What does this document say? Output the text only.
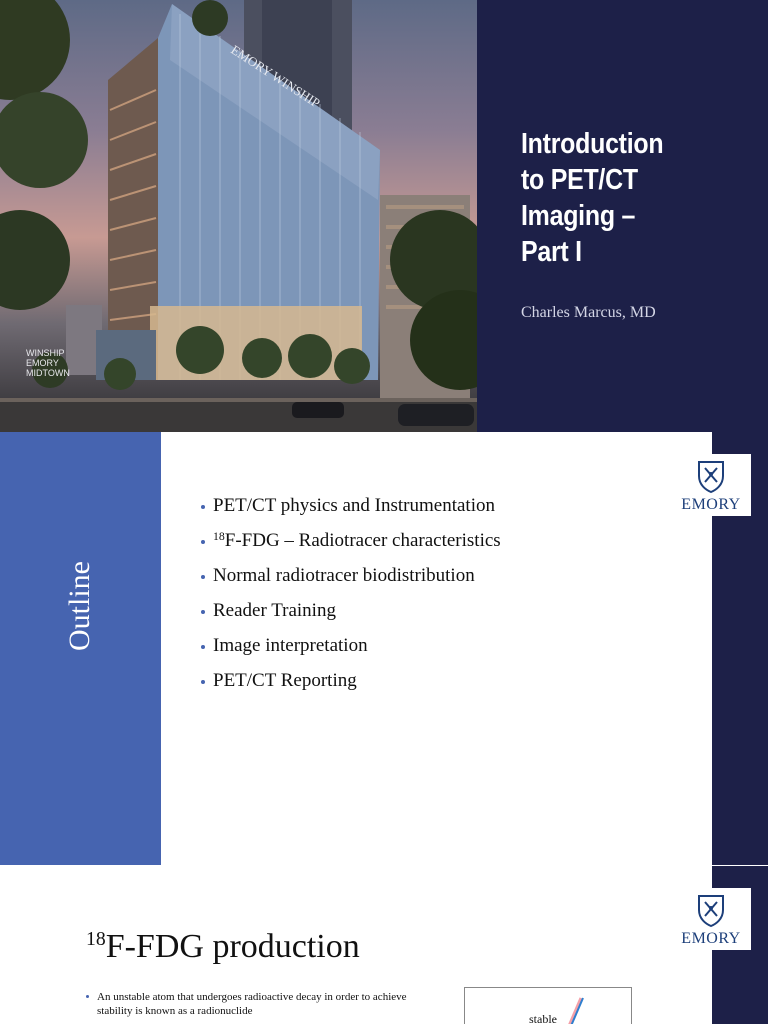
EMORY WINSHIP
WINSHIP
EMORY
MIDTOWN
Introduction
to PET/CT
Imaging –
Part I

Charles Marcus, MD

Outline
PET/CT physics and Instrumentation
$^{18}$F-FDG – Radiotracer characteristics
Normal radiotracer biodistribution
Reader Training
Image interpretation
PET/CT Reporting
EMORY
$^{18}$F-FDG production

An unstable atom that undergoes radioactive decay in order to achieve stability is known as a radionuclide

stable
EMORY
